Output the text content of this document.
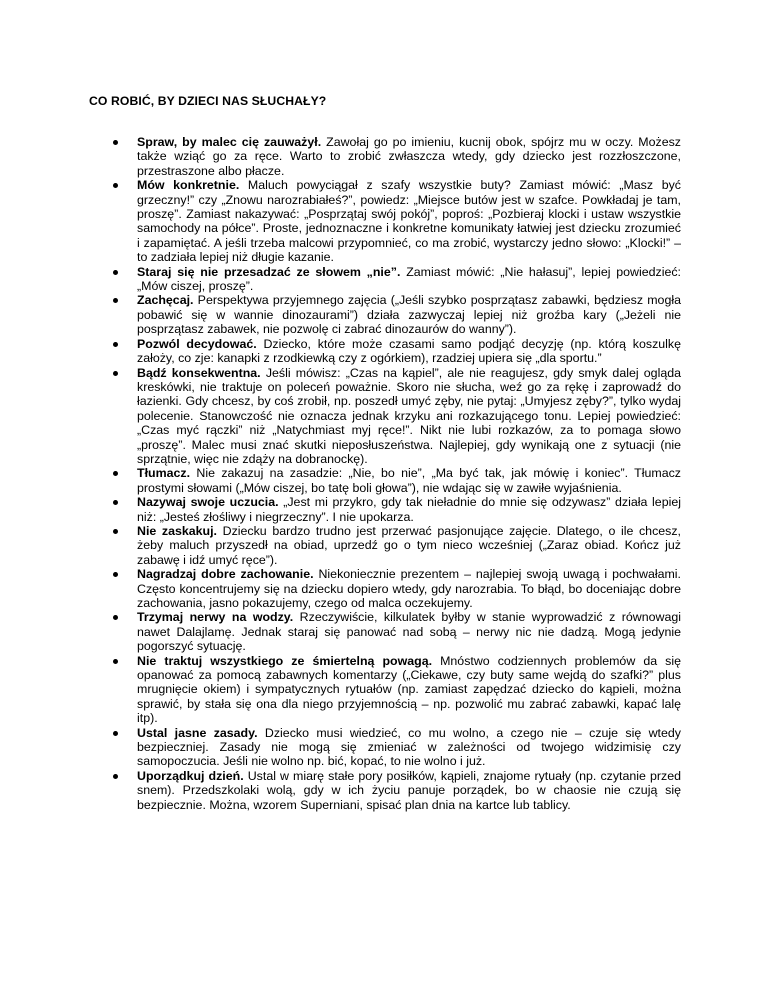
CO ROBIĆ, BY DZIECI NAS SŁUCHAŁY?
Spraw, by malec cię zauważył. Zawołaj go po imieniu, kucnij obok, spójrz mu w oczy. Możesz także wziąć go za ręce. Warto to zrobić zwłaszcza wtedy, gdy dziecko jest rozzłoszczone, przestraszone albo płacze.
Mów konkretnie. Maluch powyciągał z szafy wszystkie buty? Zamiast mówić: „Masz być grzeczny!” czy „Znowu narozrabiałeś?”, powiedz: „Miejsce butów jest w szafce. Powkładaj je tam, proszę”. Zamiast nakazywać: „Posprzątaj swój pokój”, poproś: „Pozbieraj klocki i ustaw wszystkie samochody na półce”. Proste, jednoznaczne i konkretne komunikaty łatwiej jest dziecku zrozumieć i zapamiętać. A jeśli trzeba malcowi przypomnieć, co ma zrobić, wystarczy jedno słowo: „Klocki!” – to zadziała lepiej niż długie kazanie.
Staraj się nie przesadzać ze słowem „nie”. Zamiast mówić: „Nie hałasuj”, lepiej powiedzieć: „Mów ciszej, proszę”.
Zachęcaj. Perspektywa przyjemnego zajęcia („Jeśli szybko posprzątasz zabawki, będziesz mogła pobawić się w wannie dinozaurami”) działa zazwyczaj lepiej niż groźba kary („Jeżeli nie posprzątasz zabawek, nie pozwolę ci zabrać dinozaurów do wanny”).
Pozwól decydować. Dziecko, które może czasami samo podjąć decyzję (np. którą koszulkę założy, co zje: kanapki z rzodkiewką czy z ogórkiem), rzadziej upiera się „dla sportu.”
Bądź konsekwentna. Jeśli mówisz: „Czas na kąpiel”, ale nie reagujesz, gdy smyk dalej ogląda kreskówki, nie traktuje on poleceń poważnie. Skoro nie słucha, weź go za rękę i zaprowadź do łazienki. Gdy chcesz, by coś zrobił, np. poszedł umyć zęby, nie pytaj: „Umyjesz zęby?”, tylko wydaj polecenie. Stanowczość nie oznacza jednak krzyku ani rozkazującego tonu. Lepiej powiedzieć: „Czas myć rączki” niż „Natychmiast myj ręce!”. Nikt nie lubi rozkazów, za to pomaga słowo „proszę”. Malec musi znać skutki nieposłuszeństwa. Najlepiej, gdy wynikają one z sytuacji (nie sprzątnie, więc nie zdąży na dobranockę).
Tłumacz. Nie zakazuj na zasadzie: „Nie, bo nie”, „Ma być tak, jak mówię i koniec”. Tłumacz prostymi słowami („Mów ciszej, bo tatę boli głowa”), nie wdając się w zawiłe wyjaśnienia.
Nazywaj swoje uczucia. „Jest mi przykro, gdy tak nieładnie do mnie się odzywasz” działa lepiej niż: „Jesteś złośliwy i niegrzeczny”. I nie upokarza.
Nie zaskakuj. Dziecku bardzo trudno jest przerwać pasjonujące zajęcie. Dlatego, o ile chcesz, żeby maluch przyszedł na obiad, uprzedź go o tym nieco wcześniej („Zaraz obiad. Kończ już zabawę i idź umyć ręce”).
Nagradzaj dobre zachowanie. Niekoniecznie prezentem – najlepiej swoją uwagą i pochwałami. Często koncentrujemy się na dziecku dopiero wtedy, gdy narozrabia. To błąd, bo doceniając dobre zachowania, jasno pokazujemy, czego od malca oczekujemy.
Trzymaj nerwy na wodzy. Rzeczywiście, kilkulatek byłby w stanie wyprowadzić z równowagi nawet Dalajlamę. Jednak staraj się panować nad sobą – nerwy nic nie dadzą. Mogą jedynie pogorszyć sytuację.
Nie traktuj wszystkiego ze śmiertelną powagą. Mnóstwo codziennych problemów da się opanować za pomocą zabawnych komentarzy („Ciekawe, czy buty same wejdą do szafki?” plus mrugnięcie okiem) i sympatycznych rytuałów (np. zamiast zapędzać dziecko do kąpieli, można sprawić, by stała się ona dla niego przyjemnością – np. pozwolić mu zabrać zabawki, kapać lalę itp).
Ustal jasne zasady. Dziecko musi wiedzieć, co mu wolno, a czego nie – czuje się wtedy bezpieczniej. Zasady nie mogą się zmieniać w zależności od twojego widzimisię czy samopoczucia. Jeśli nie wolno np. bić, kopać, to nie wolno i już.
Uporządkuj dzień. Ustal w miarę stałe pory posiłków, kąpieli, znajome rytuały (np. czytanie przed snem). Przedszkolaki wolą, gdy w ich życiu panuje porządek, bo w chaosie nie czują się bezpiecznie. Można, wzorem Superniani, spisać plan dnia na kartce lub tablicy.
